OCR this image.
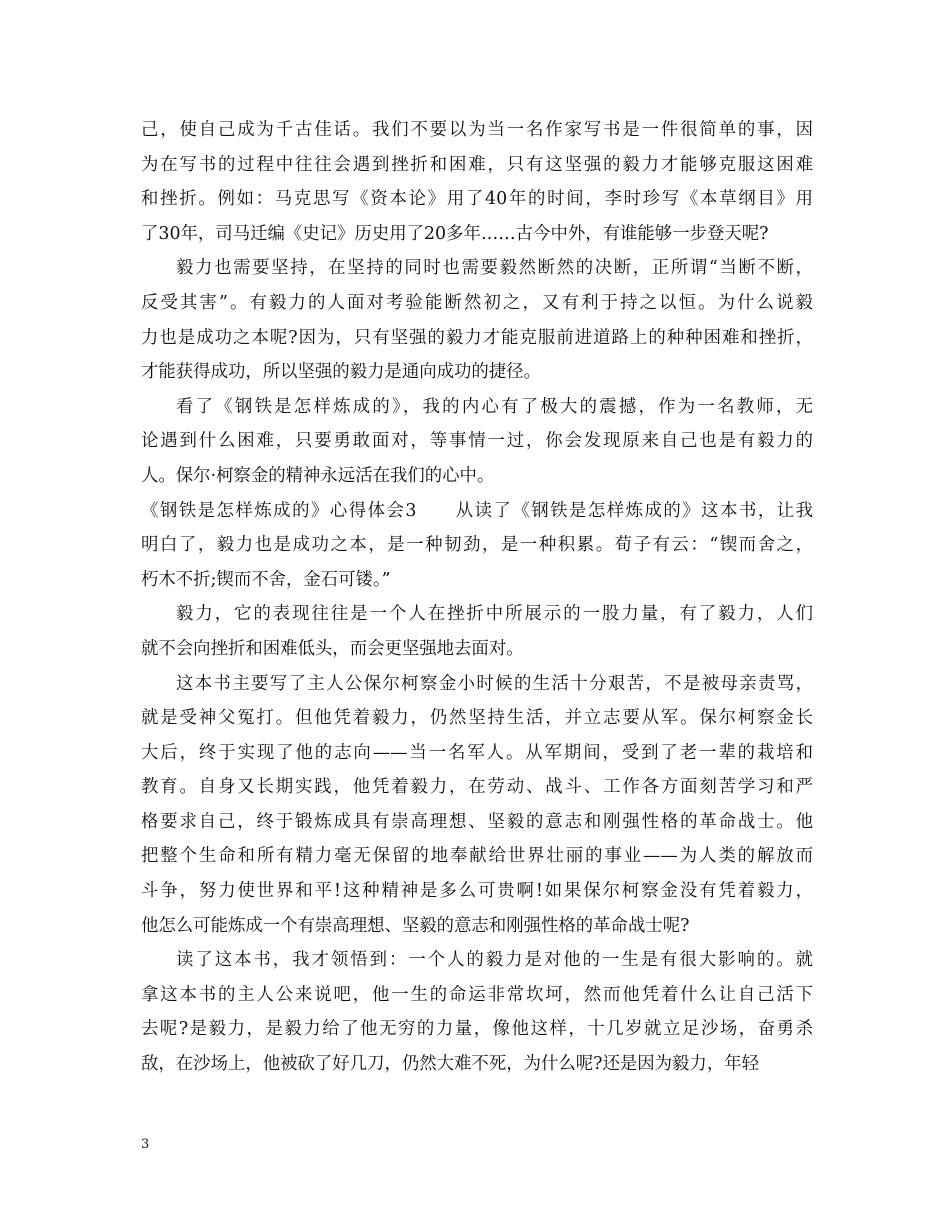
己，使自己成为千古佳话。我们不要以为当一名作家写书是一件很简单的事，因
为在写书的过程中往往会遇到挫折和困难，只有这坚强的毅力才能够克服这困难
和挫折。例如：马克思写《资本论》用了40年的时间，李时珍写《本草纲目》用
了30年，司马迁编《史记》历史用了20多年……古今中外，有谁能够一步登天呢?
毅力也需要坚持，在坚持的同时也需要毅然断然的决断，正所谓“当断不断，
反受其害”。有毅力的人面对考验能断然初之，又有利于持之以恒。为什么说毅
力也是成功之本呢?因为，只有坚强的毅力才能克服前进道路上的种种困难和挫折，
才能获得成功，所以坚强的毅力是通向成功的捷径。
看了《钢铁是怎样炼成的》，我的内心有了极大的震撼，作为一名教师，无
论遇到什么困难，只要勇敢面对，等事情一过，你会发现原来自己也是有毅力的
人。保尔·柯察金的精神永远活在我们的心中。
《钢铁是怎样炼成的》心得体会3　　从读了《钢铁是怎样炼成的》这本书，让我
明白了，毅力也是成功之本，是一种韧劲，是一种积累。荀子有云：“锲而舍之，
朽木不折;锲而不舍，金石可镂。”
毅力，它的表现往往是一个人在挫折中所展示的一股力量，有了毅力，人们
就不会向挫折和困难低头，而会更坚强地去面对。
这本书主要写了主人公保尔柯察金小时候的生活十分艰苦，不是被母亲责骂，
就是受神父冤打。但他凭着毅力，仍然坚持生活，并立志要从军。保尔柯察金长
大后，终于实现了他的志向——当一名军人。从军期间，受到了老一辈的栽培和
教育。自身又长期实践，他凭着毅力，在劳动、战斗、工作各方面刻苦学习和严
格要求自己，终于锻炼成具有崇高理想、坚毅的意志和刚强性格的革命战士。他
把整个生命和所有精力毫无保留的地奉献给世界壮丽的事业——为人类的解放而
斗争，努力使世界和平!这种精神是多么可贵啊!如果保尔柯察金没有凭着毅力，
他怎么可能炼成一个有崇高理想、坚毅的意志和刚强性格的革命战士呢?
读了这本书，我才领悟到：一个人的毅力是对他的一生是有很大影响的。就
拿这本书的主人公来说吧，他一生的命运非常坎坷，然而他凭着什么让自己活下
去呢?是毅力，是毅力给了他无穷的力量，像他这样，十几岁就立足沙场，奋勇杀
敌，在沙场上，他被砍了好几刀，仍然大难不死，为什么呢?还是因为毅力，年轻
3
